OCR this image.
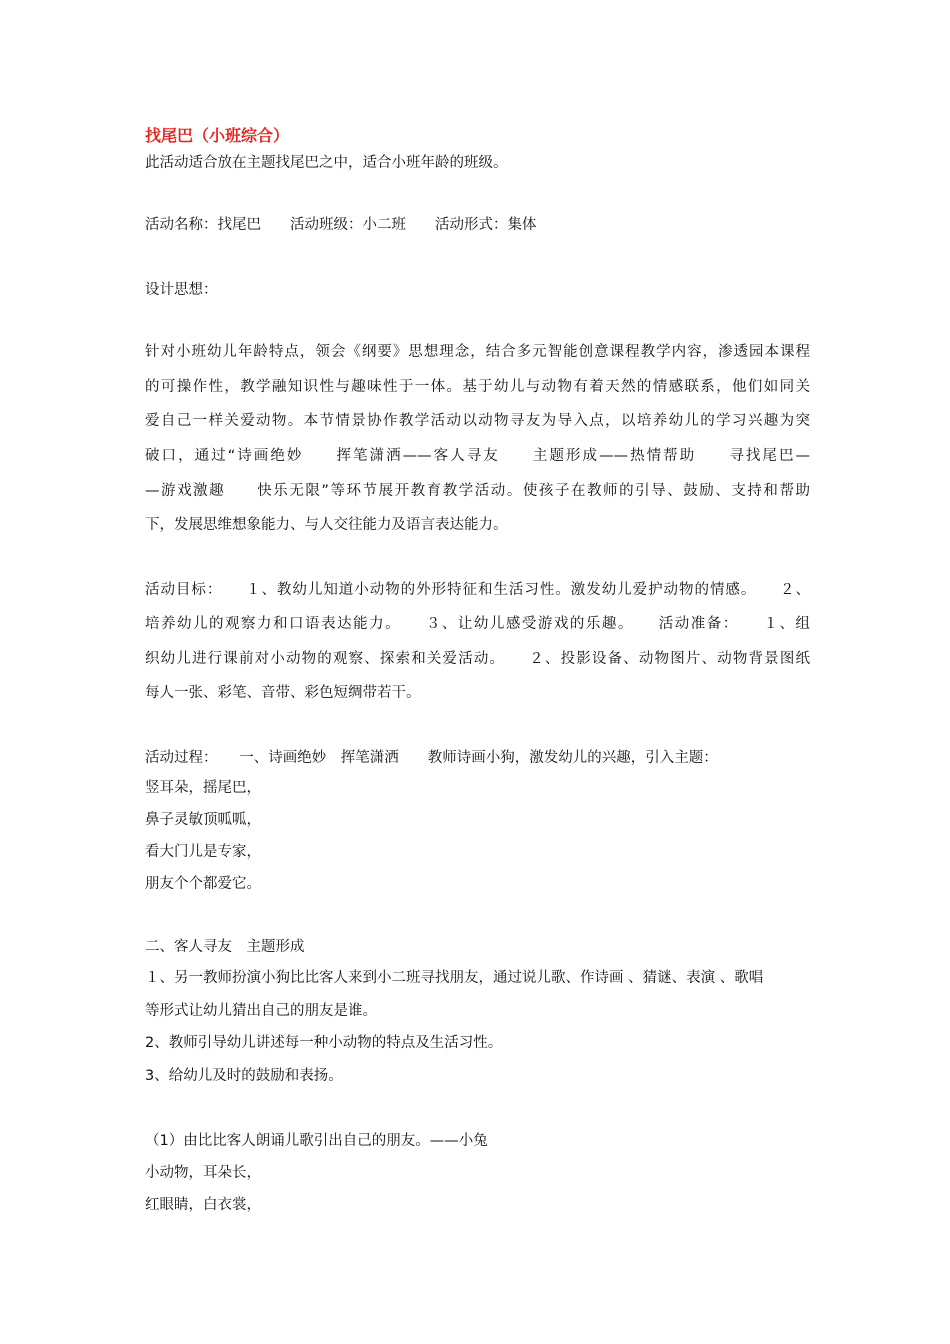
找尾巴（小班综合）
此活动适合放在主题找尾巴之中，适合小班年龄的班级。
活动名称：找尾巴　　活动班级：小二班　　活动形式：集体
设计思想：
针对小班幼儿年龄特点，领会《纲要》思想理念，结合多元智能创意课程教学内容，渗透园本课程
的可操作性，教学融知识性与趣味性于一体。基于幼儿与动物有着天然的情感联系，他们如同关
爱自己一样关爱动物。本节情景协作教学活动以动物寻友为导入点，以培养幼儿的学习兴趣为突
破口，通过“诗画绝妙　　挥笔潇洒——客人寻友　　主题形成——热情帮助　　寻找尾巴—
—游戏激趣　　快乐无限”等环节展开教育教学活动。使孩子在教师的引导、鼓励、支持和帮助
下，发展思维想象能力、与人交往能力及语言表达能力。
活动目标：　　１、教幼儿知道小动物的外形特征和生活习性。激发幼儿爱护动物的情感。　　２、
培养幼儿的观察力和口语表达能力。　　３、让幼儿感受游戏的乐趣。　　活动准备：　　１、组
织幼儿进行课前对小动物的观察、探索和关爱活动。　　２、投影设备、动物图片、动物背景图纸
每人一张、彩笔、音带、彩色短绸带若干。
活动过程：　　一、诗画绝妙　挥笔潇洒　　教师诗画小狗，激发幼儿的兴趣，引入主题：
竖耳朵，摇尾巴，
鼻子灵敏顶呱呱，
看大门儿是专家，
朋友个个都爱它。
二、客人寻友　主题形成
１、另一教师扮演小狗比比客人来到小二班寻找朋友，通过说儿歌、作诗画 、猜谜、表演 、歌唱
等形式让幼儿猜出自己的朋友是谁。
2、教师引导幼儿讲述每一种小动物的特点及生活习性。
3、给幼儿及时的鼓励和表扬。
（1）由比比客人朗诵儿歌引出自己的朋友。——小兔
小动物，耳朵长，
红眼睛，白衣裳，
